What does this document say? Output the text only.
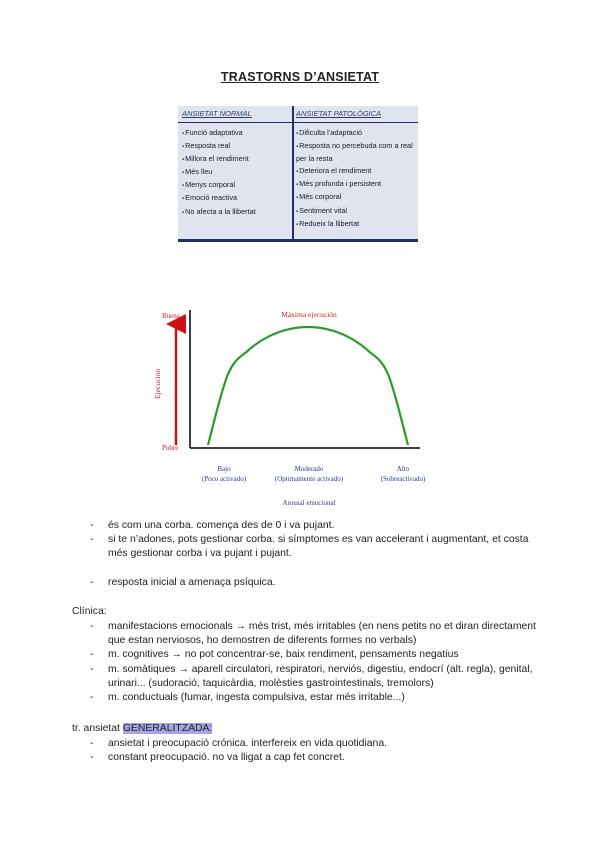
TRASTORNS D’ANSIETAT
ANSIETAT NORMAL
▪ Funció adaptativa
▪ Resposta real
▪ Millora el rendiment
▪ Més lleu
▪ Menys corporal
▪ Emoció reactiva
▪ No afecta a la llibertat
ANSIETAT PATOLÒGICA
▪ Dificulta l’adaptació
▪ Resposta no percebuda com a real per la resta
▪ Deteriora el rendiment
▪ Més profunda i persistent
▪ Més corporal
▪ Sentiment vital
▪ Redueix la llibertat
Buena
Pobre
Ejecución
Máxima ejecución
Bajo
(Poco activado)
Moderado
(Optimamente activado)
Alto
(Sobreactivado)
Arousal emocional
- és com una corba. comença des de 0 i va pujant.
- si te n’adones, pots gestionar corba. si símptomes es van accelerant i augmentant, et costa més gestionar corba i va pujant i pujant.
- resposta inicial a amenaça psíquica.
Clínica:
- manifestacions emocionals → més trist, més irritables (en nens petits no et diran directament que estan nerviosos, ho demostren de diferents formes no verbals)
- m. cognitives → no pot concentrar-se, baix rendiment, pensaments negatius
- m. somàtiques → aparell circulatori, respiratori, nerviós, digestiu, endocrí (alt. regla), genital, urinari... (sudoració, taquicàrdia, molèsties gastrointestinals, tremolors)
- m. conductuals (fumar, ingesta compulsiva, estar més irritable...)
tr. ansietat GENERALITZADA:
- ansietat i preocupació crónica. interfereix en vida quotidiana.
- constant preocupació. no va lligat a cap fet concret.
